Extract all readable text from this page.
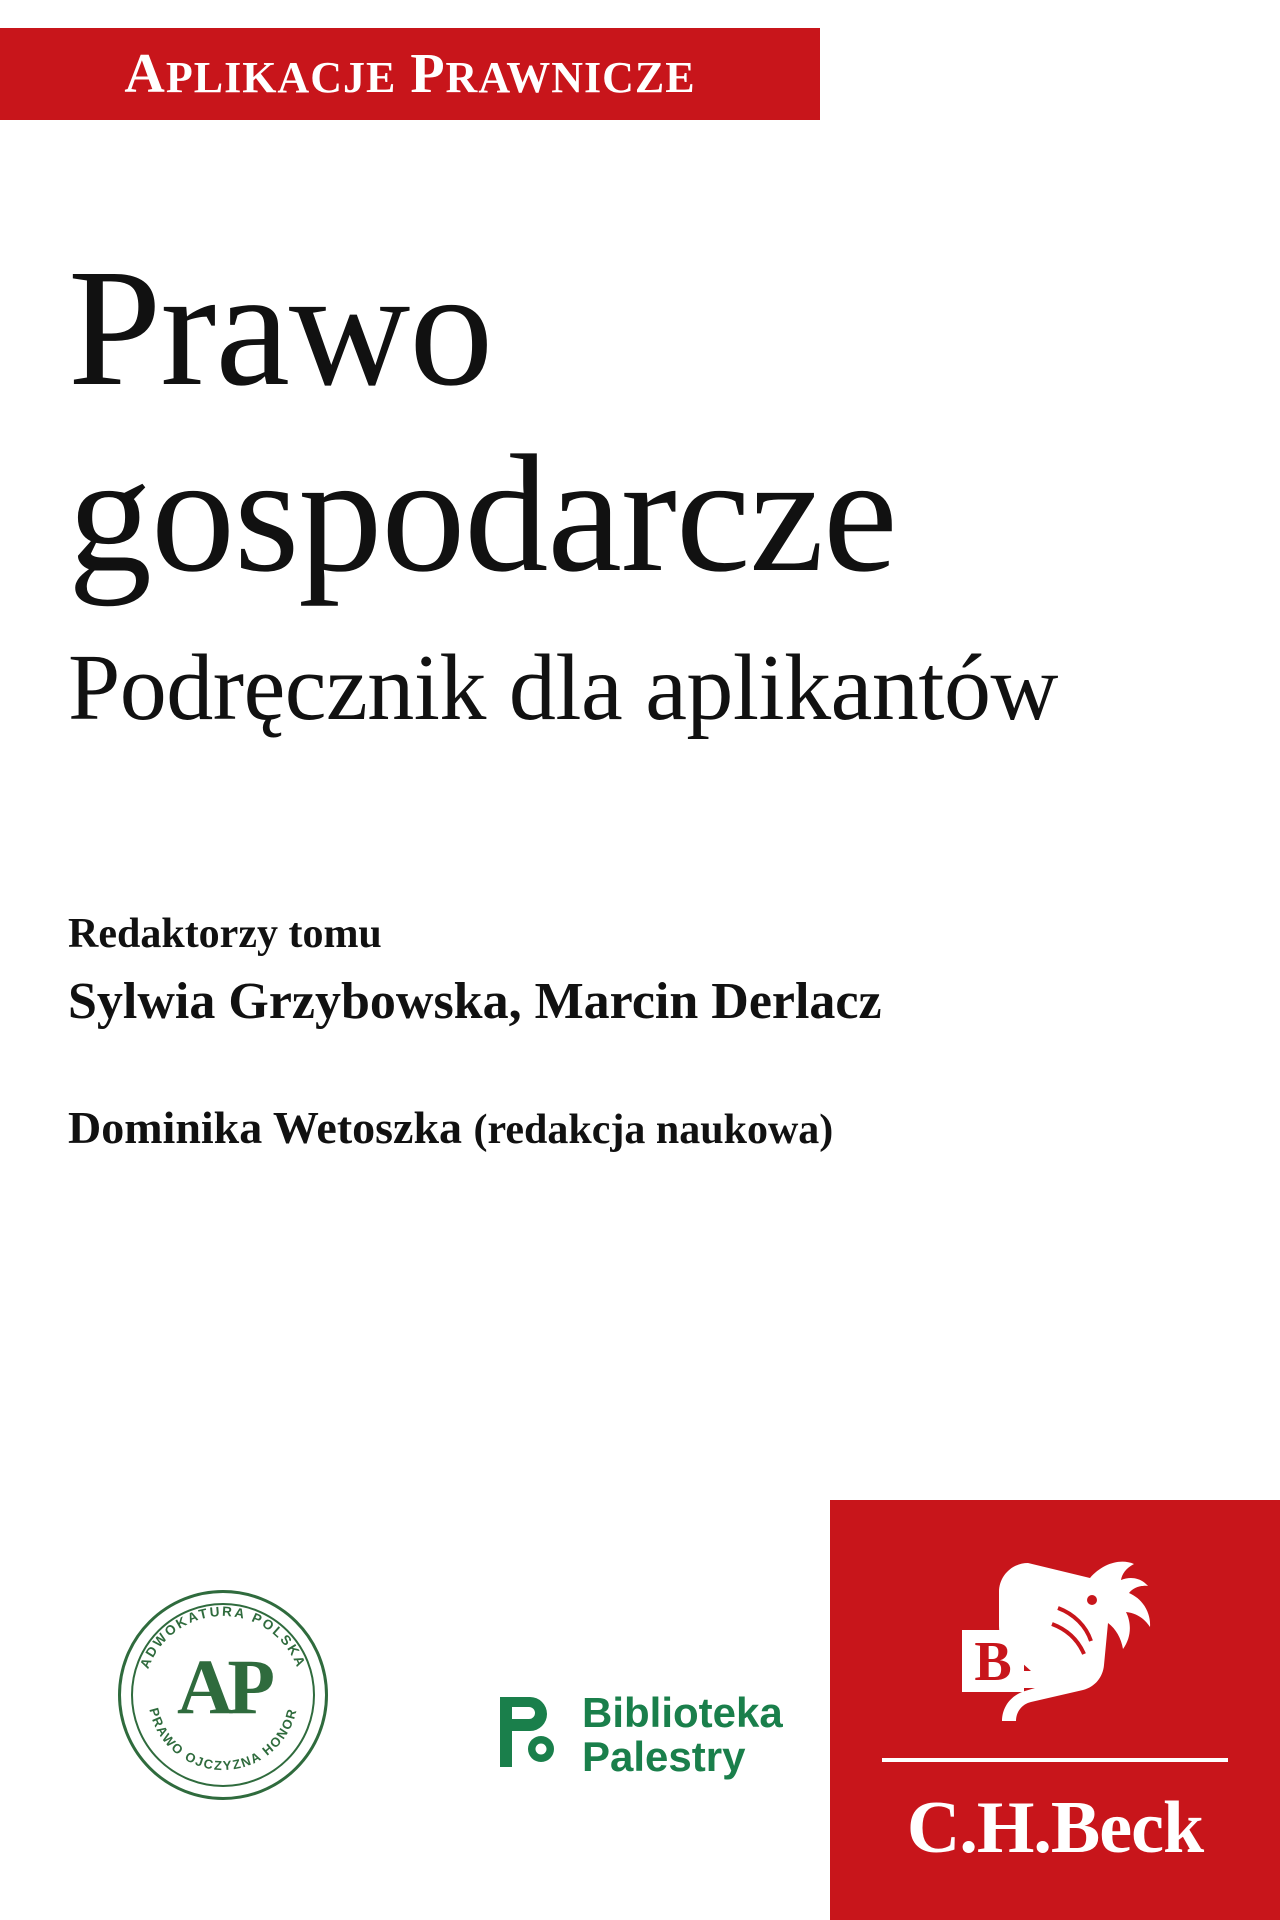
APLIKACJE PRAWNICZE
Prawo
gospodarcze
Podręcznik dla aplikantów

Redaktorzy tomu

Sylwia Grzybowska, Marcin Derlacz

Dominika Wetoszka (redakcja naukowa)

ADWOKATURA POLSKA
PRAWO OJCZYZNA HONOR
AP	Biblioteka
Palestry
B
C.H.Beck
